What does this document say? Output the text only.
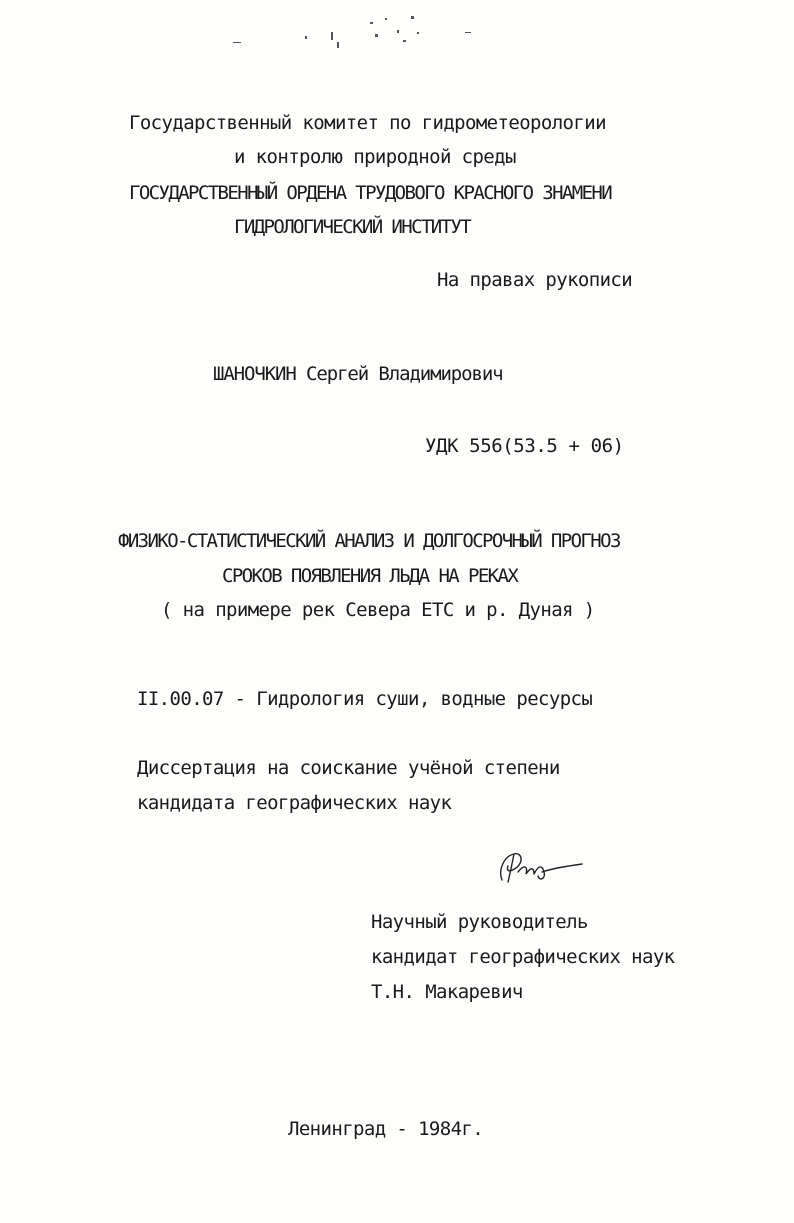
Государственный комитет по гидрометеорологии
и контролю природной среды
ГОСУДАРСТВЕННЫЙ ОРДЕНА ТРУДОВОГО КРАСНОГО ЗНАМЕНИ
ГИДРОЛОГИЧЕСКИЙ ИНСТИТУТ
На правах рукописи
ШАНОЧКИН Сергей Владимирович
УДК 556(53.5 + 06)
ФИЗИКО-СТАТИСТИЧЕСКИЙ АНАЛИЗ И ДОЛГОСРОЧНЫЙ ПРОГНОЗ
СРОКОВ ПОЯВЛЕНИЯ ЛЬДА НА РЕКАХ
( на примере рек Севера ЕТС и р. Дуная )
II.00.07 - Гидрология суши, водные ресурсы
Диссертация на соискание учёной степени
кандидата географических наук
Научный руководитель
кандидат географических наук
Т.Н. Макаревич
Ленинград - 1984г.
